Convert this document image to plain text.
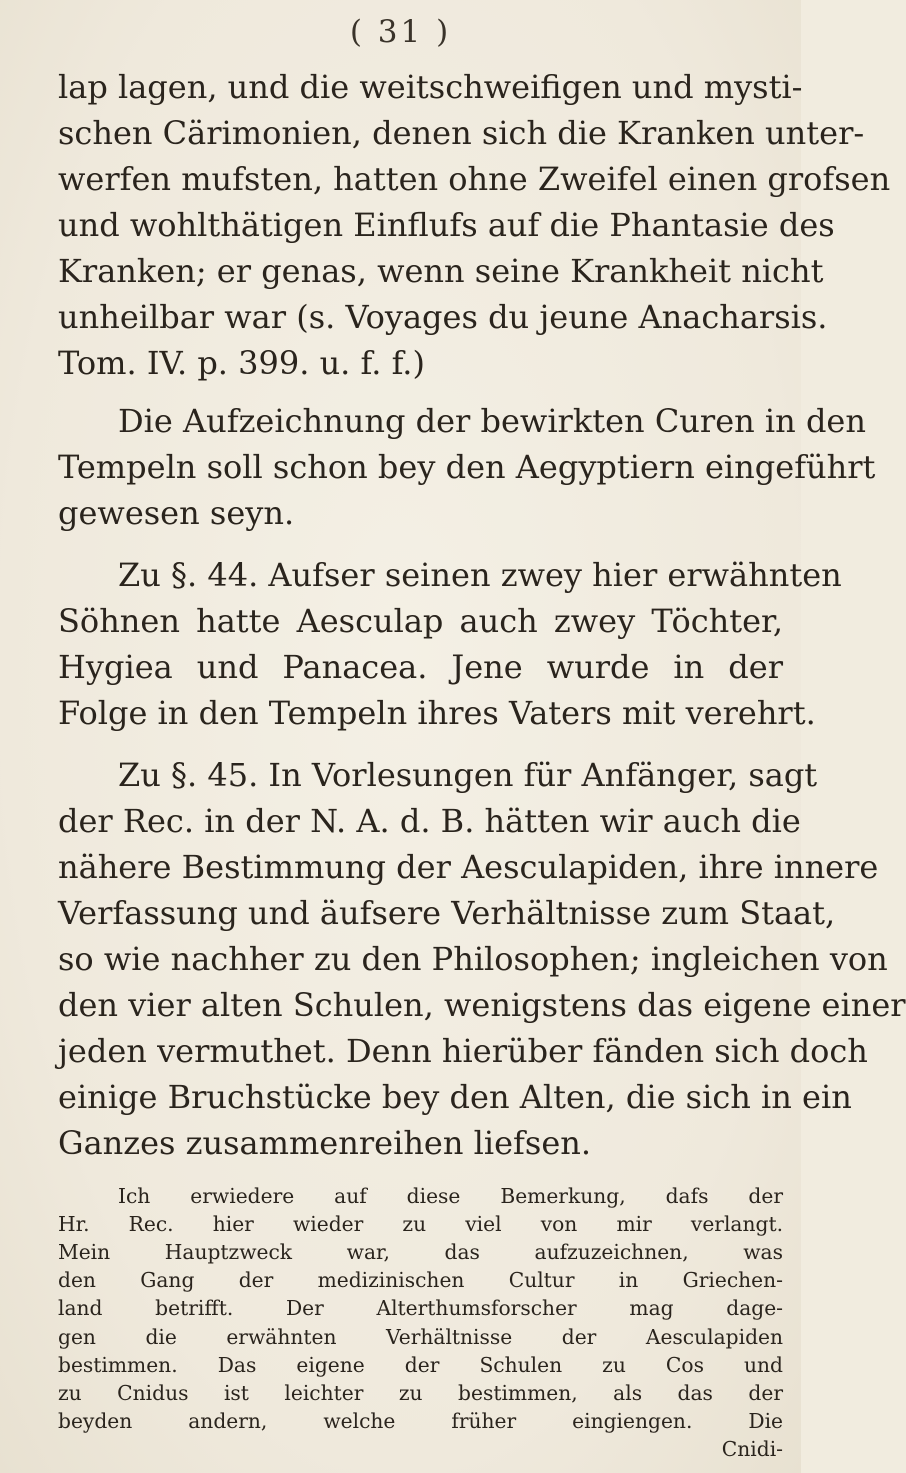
( 31 )
lap lagen, und die weitschweifigen und mysti-
schen Cärimonien, denen sich die Kranken unter-
werfen mufsten, hatten ohne Zweifel einen grofsen
und wohlthätigen Einflufs auf die Phantasie des
Kranken; er genas, wenn seine Krankheit nicht
unheilbar war (s. Voyages du jeune Anacharsis.
Tom. IV. p. 399. u. f. f.)
Die Aufzeichnung der bewirkten Curen in den
Tempeln soll schon bey den Aegyptiern eingeführt
gewesen seyn.
Zu §. 44. Aufser seinen zwey hier erwähnten
Söhnen hatte Aesculap auch zwey Töchter,
Hygiea und Panacea. Jene wurde in der
Folge in den Tempeln ihres Vaters mit verehrt.
Zu §. 45. In Vorlesungen für Anfänger, sagt
der Rec. in der N. A. d. B. hätten wir auch die
nähere Bestimmung der Aesculapiden, ihre innere
Verfassung und äufsere Verhältnisse zum Staat,
so wie nachher zu den Philosophen; ingleichen von
den vier alten Schulen, wenigstens das eigene einer
jeden vermuthet. Denn hierüber fänden sich doch
einige Bruchstücke bey den Alten, die sich in ein
Ganzes zusammenreihen liefsen.
Ich erwiedere auf diese Bemerkung, dafs der
Hr. Rec. hier wieder zu viel von mir verlangt.
Mein Hauptzweck war, das aufzuzeichnen, was
den Gang der medizinischen Cultur in Griechen-
land betrifft. Der Alterthumsforscher mag dage-
gen die erwähnten Verhältnisse der Aesculapiden
bestimmen. Das eigene der Schulen zu Cos und
zu Cnidus ist leichter zu bestimmen, als das der
beyden andern, welche früher eingiengen. Die
Cnidi-
